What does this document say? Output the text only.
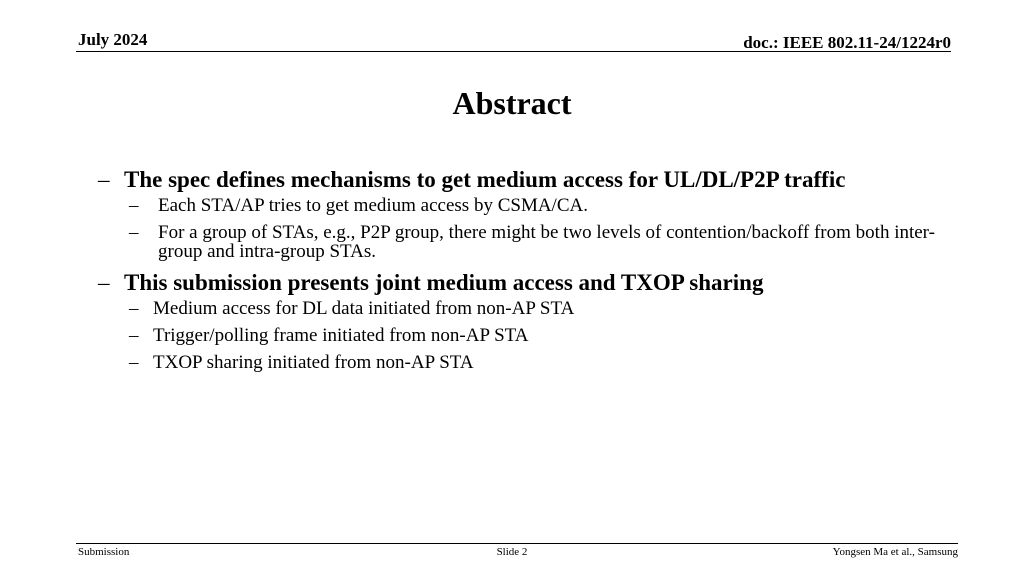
July 2024	doc.: IEEE 802.11-24/1224r0
Abstract
– The spec defines mechanisms to get medium access for UL/DL/P2P traffic
– Each STA/AP tries to get medium access by CSMA/CA.
– For a group of STAs, e.g., P2P group, there might be two levels of contention/backoff from both inter-group and intra-group STAs.
– This submission presents joint medium access and TXOP sharing
– Medium access for DL data initiated from non-AP STA
– Trigger/polling frame initiated from non-AP STA
– TXOP sharing initiated from non-AP STA
Submission	Slide 2	Yongsen Ma et al., Samsung
